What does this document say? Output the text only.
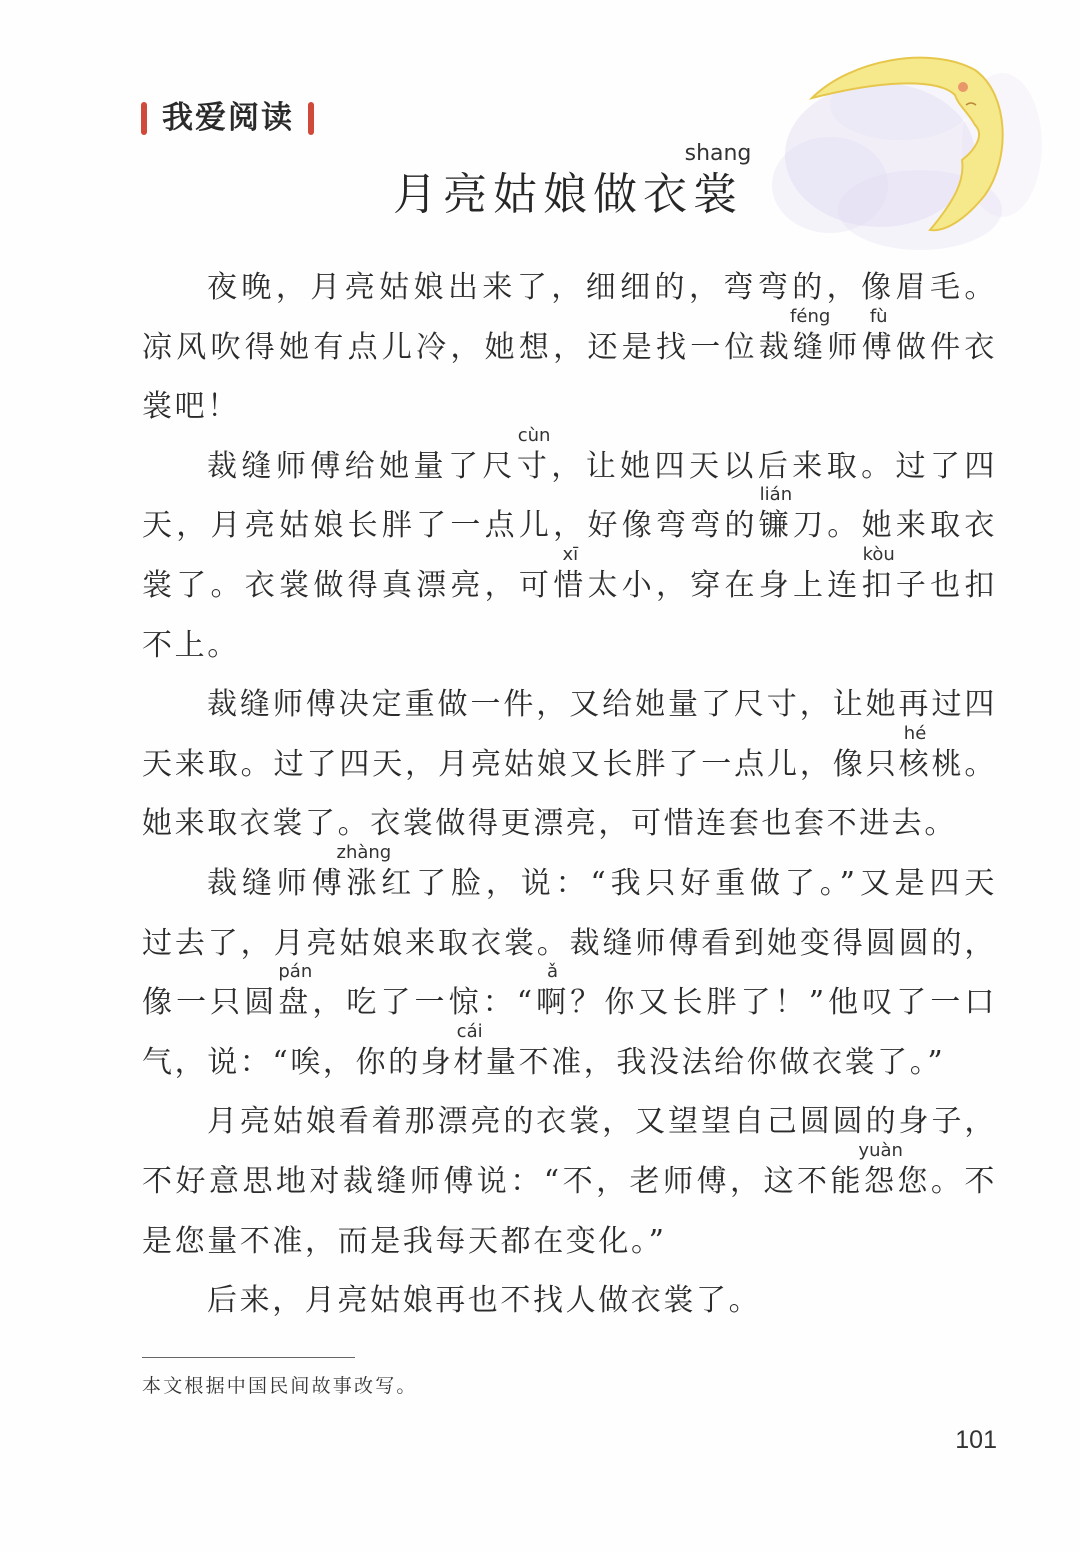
我爱阅读
月亮姑娘做衣裳
shang
夜晚，月亮姑娘出来了，细细的，弯弯的，像眉毛。
凉风吹得她有点儿冷，她想，还是找一位裁缝
féng
师傅
fù
做件衣
裳吧！
裁缝师傅给她量了尺寸
cùn
，让她四天以后来取。过了四
天，月亮姑娘长胖了一点儿，好像弯弯的镰
lián
刀。她来取衣
裳了。衣裳做得真漂亮，可惜
xī
太小，穿在身上连扣
kòu
子也扣
不上。
裁缝师傅决定重做一件，又给她量了尺寸，让她再过四
天来取。过了四天，月亮姑娘又长胖了一点儿，像只核
hé
桃。
她来取衣裳了。衣裳做得更漂亮，可惜连套也套不进去。
裁缝师傅涨
zhàng
红了脸，说：“我只好重做了。”又是四天
过去了，月亮姑娘来取衣裳。裁缝师傅看到她变得圆圆的，
像一只圆盘
pán
，吃了一惊：“啊
ǎ
？你又长胖了！”他叹了一口
气，说：“唉，你的身材
cái
量不准，我没法给你做衣裳了。”
月亮姑娘看着那漂亮的衣裳，又望望自己圆圆的身子，
不好意思地对裁缝师傅说：“不，老师傅，这不能怨
yuàn
您。不
是您量不准，而是我每天都在变化。”
后来，月亮姑娘再也不找人做衣裳了。
本文根据中国民间故事改写。
101
